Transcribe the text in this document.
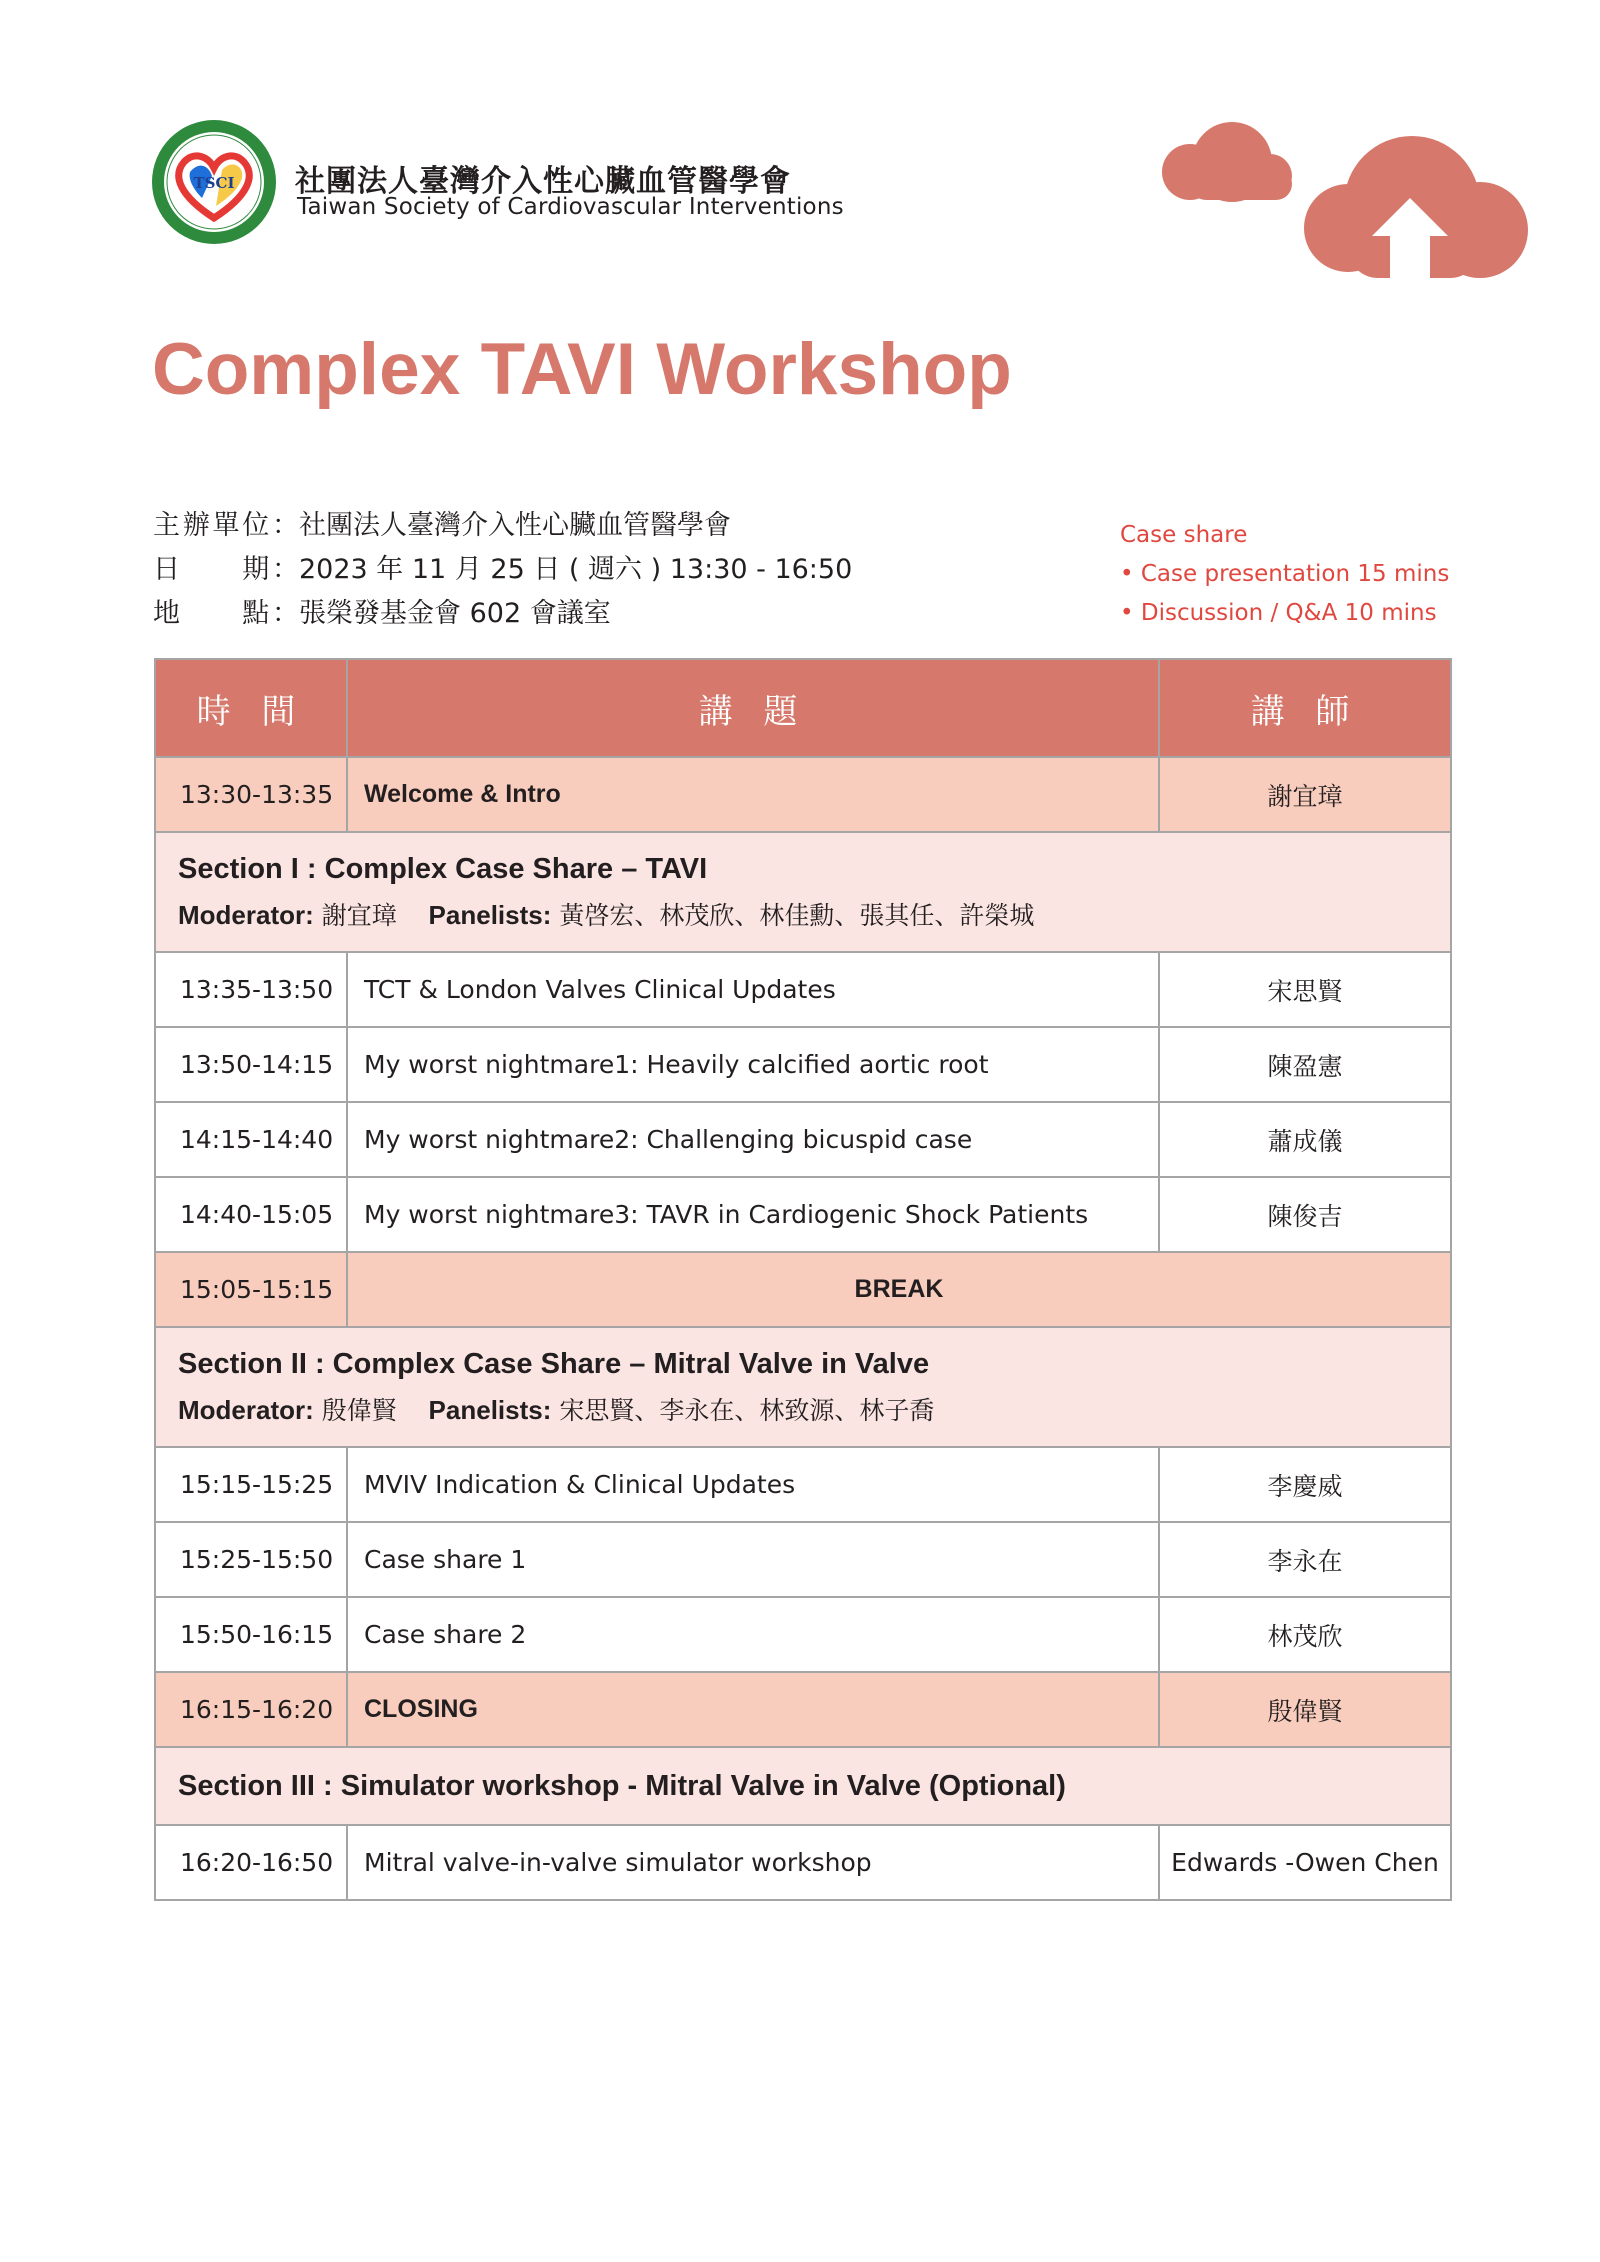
TSCI 社團法人臺灣介入性心臟血管醫學會
Taiwan Society of Cardiovascular Interventions
Complex TAVI Workshop
主辦單位：社團法人臺灣介入性心臟血管醫學會
日　　期：2023 年 11 月 25 日 ( 週六 ) 13:30 - 16:50
地　　點：張榮發基金會 602 會議室
Case share
• Case presentation 15 mins
• Discussion / Q&A 10 mins
時 間	講 題	講 師
13:30-13:35	Welcome & Intro	謝宜璋

Section I : Complex Case Share – TAVI
Moderator: 謝宜璋 Panelists: 黃啓宏、林茂欣、林佳勳、張其任、許榮城		

13:35-13:50	TCT & London Valves Clinical Updates	宋思賢
13:50-14:15	My worst nightmare1: Heavily calcified aortic root	陳盈憲
14:15-14:40	My worst nightmare2: Challenging bicuspid case	蕭成儀
14:40-15:05	My worst nightmare3: TAVR in Cardiogenic Shock Patients	陳俊吉
15:05-15:15	BREAK	

Section II : Complex Case Share – Mitral Valve in Valve
Moderator: 殷偉賢 Panelists: 宋思賢、李永在、林致源、林子喬		

15:15-15:25	MVIV Indication & Clinical Updates	李慶威
15:25-15:50	Case share 1	李永在
15:50-16:15	Case share 2	林茂欣
16:15-16:20	CLOSING	殷偉賢

Section III : Simulator workshop - Mitral Valve in Valve (Optional)		

16:20-16:50	Mitral valve-in-valve simulator workshop	Edwards -Owen Chen
